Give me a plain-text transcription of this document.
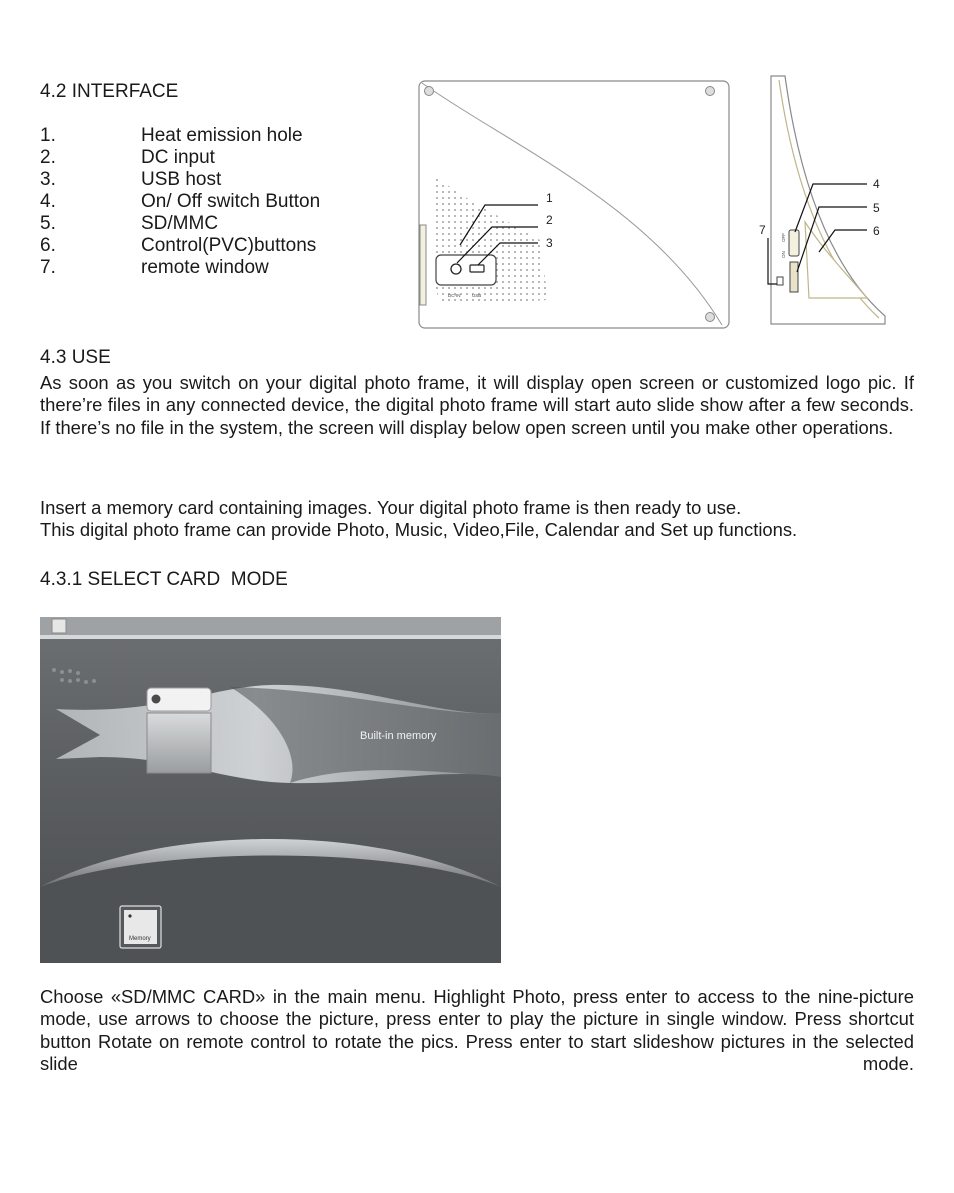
4.2 INTERFACE
1.	Heat emission hole
2.	DC input
3.	USB host
4.	On/ Off switch Button
5.	SD/MMC
6.	Control(PVC)buttons
7.	remote window
DC-IN	USB
1
2
3
ON
OFF
4
5
6
7
4.3 USE

As soon as you switch on your digital photo frame, it will display open screen or customized logo pic. If there’re files in any connected device, the digital photo frame will start auto slide show after a few seconds. If there’s no file in the system, the screen will display below open screen until you make other operations.

Insert a memory card containing images. Your digital photo frame is then ready to use.
This digital photo frame can provide Photo, Music, Video,File, Calendar and Set up functions.
4.3.1 SELECT CARD  MODE
Built-in memory
Memory

Choose «SD/MMC CARD» in the main menu. Highlight Photo, press enter to access to the nine-picture mode, use arrows to choose the picture, press enter to play the picture in single window. Press shortcut button Rotate on remote control to rotate the pics. Press enter to start slideshow pictures in the selected slide mode.
